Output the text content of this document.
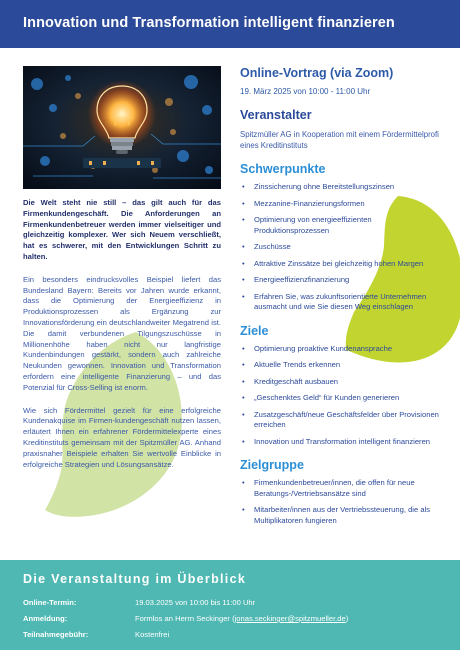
Innovation und Transformation intelligent finanzieren

Die Welt steht nie still – das gilt auch für das Firmenkundengeschäft. Die Anforderungen an Firmenkundenbetreuer werden immer vielseitiger und gleichzeitig komplexer. Wer sich Neuem verschließt, hat es schwerer, mit den Entwicklungen Schritt zu halten.

Ein besonders eindrucksvolles Beispiel liefert das Bundesland Bayern: Bereits vor Jahren wurde erkannt, dass die Optimierung der Energieeffizienz in Produktionsprozessen als Ergänzung zur Innovationsförderung ein deutschlandweiter Megatrend ist. Die damit verbundenen Tilgungszuschüsse in Millionenhöhe haben nicht nur langfristige Kundenbindungen gestärkt, sondern auch zahlreiche Neukunden gewonnen. Innovation und Transformation erfordern eine intelligente Finanzierung – und das Potenzial für Cross-Selling ist enorm.

Wie sich Fördermittel gezielt für eine erfolgreiche Kundenakquise im Firmen-kundengeschäft nutzen lassen, erläutert Ihnen ein erfahrener Fördermittelexperte eines Kreditinstituts gemeinsam mit der Spitzmüller AG. Anhand praxisnaher Beispiele erhalten Sie wertvolle Einblicke in erfolgreiche Strategien und Lösungsansätze.

Online-Vortrag (via Zoom)
19. März 2025 von 10:00 - 11:00 Uhr
Veranstalter
Spitzmüller AG in Kooperation mit einem Fördermittelprofi eines Kreditinstituts
Schwerpunkte
• Zinssicherung ohne Bereitstellungszinsen
• Mezzanine-Finanzierungsformen
• Optimierung von energieeffizienten Produktionsprozessen
• Zuschüsse
• Attraktive Zinssätze bei gleichzeitig hohen Margen
• Energieeffizienzfinanzierung
• Erfahren Sie, was zukunftsorientierte Unternehmen ausmacht und wie Sie diesen Weg einschlagen
Ziele
• Optimierung proaktive Kundenansprache
• Aktuelle Trends erkennen
• Kreditgeschäft ausbauen
• „Geschenktes Geld“ für Kunden generieren
• Zusatzgeschäft/neue Geschäftsfelder über Provisionen erreichen
• Innovation und Transformation intelligent finanzieren
Zielgruppe
• Firmenkundenbetreuer/innen, die offen für neue Beratungs-/Vertriebsansätze sind
• Mitarbeiter/innen aus der Vertriebssteuerung, die als Multiplikatoren fungieren
Die Veranstaltung im Überblick
Online-Termin:	19.03.2025 von 10:00 bis 11:00 Uhr
Anmeldung:	Formlos an Herrn Seckinger (jonas.seckinger@spitzmueller.de)
Teilnahmegebühr:	Kostenfrei
